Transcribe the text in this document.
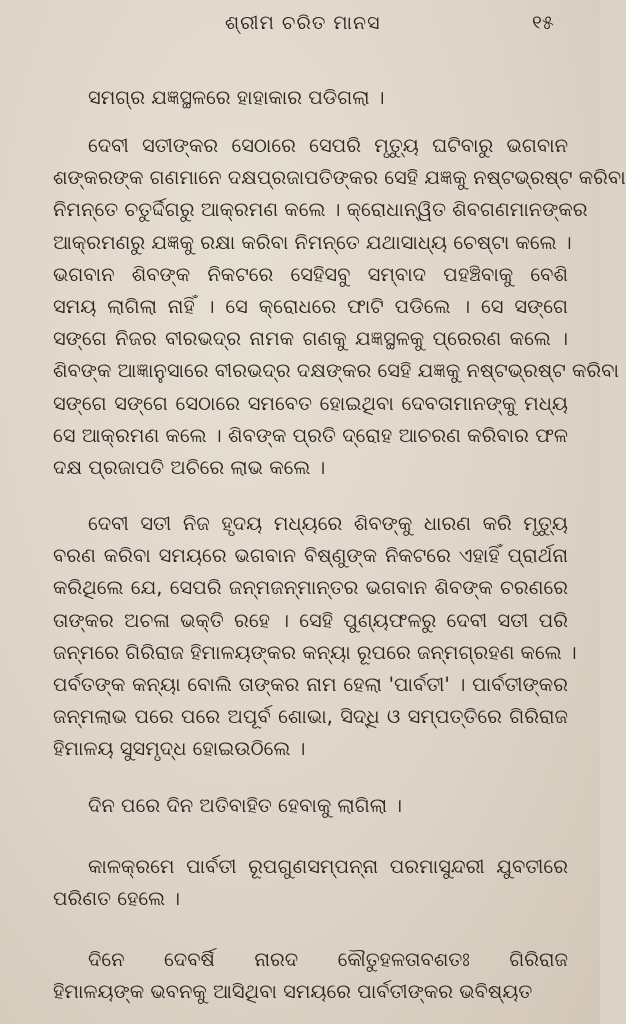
ଶ୍ରୀମ ଚରିତ ମାନସ	୧୫
ସମଗ୍ର ଯଜ୍ଞସ୍ଥଳରେ ହାହାକାର ପଡିଗଲା ।
ଦେବୀ ସତୀଙ୍କର ସେଠାରେ ସେପରି ମୃତ୍ୟୁ ଘଟିବାରୁ ଭଗବାନ
ଶଙ୍କରଙ୍କ ଗଣମାନେ ଦକ୍ଷପ୍ରଜାପତିଙ୍କର ସେହି ଯଜ୍ଞକୁ ନଷ୍ଟଭ୍ରଷ୍ଟ କରିବା
ନିମନ୍ତେ ଚତୁର୍ଦ୍ଦିଗରୁ ଆକ୍ରମଣ କଲେ । କ୍ରୋଧାନ୍ୱିତ ଶିବଗଣମାନଙ୍କର
ଆକ୍ରମଣରୁ ଯଜ୍ଞକୁ ରକ୍ଷା କରିବା ନିମନ୍ତେ ଯଥାସାଧ୍ୟ ଚେଷ୍ଟା କଲେ ।
ଭଗବାନ ଶିବଙ୍କ ନିକଟରେ ସେହିସବୁ ସମ୍ବାଦ ପହଞ୍ଚିବାକୁ ବେଶି
ସମୟ ଲାଗିଲା ନାହିଁ । ସେ କ୍ରୋଧରେ ଫାଟି ପଡିଲେ । ସେ ସଙ୍ଗେ
ସଙ୍ଗେ ନିଜର ବୀରଭଦ୍ର ନାମକ ଗଣକୁ ଯଜ୍ଞସ୍ଥଳକୁ ପ୍ରେରଣ କଲେ ।
ଶିବଙ୍କ ଆଜ୍ଞାନୁସାରେ ବୀରଭଦ୍ର ଦକ୍ଷଙ୍କର ସେହି ଯଜ୍ଞକୁ ନଷ୍ଟଭ୍ରଷ୍ଟ କରିବା
ସଙ୍ଗେ ସଙ୍ଗେ ସେଠାରେ ସମବେତ ହୋଇଥିବା ଦେବତାମାନଙ୍କୁ ମଧ୍ୟ
ସେ ଆକ୍ରମଣ କଲେ । ଶିବଙ୍କ ପ୍ରତି ଦ୍ରୋହ ଆଚରଣ କରିବାର ଫଳ
ଦକ୍ଷ ପ୍ରଜାପତି ଅଚିରେ ଲାଭ କଲେ ।
ଦେବୀ ସତୀ ନିଜ ହୃଦୟ ମଧ୍ୟରେ ଶିବଙ୍କୁ ଧାରଣ କରି ମୃତ୍ୟୁ
ବରଣ କରିବା ସମୟରେ ଭଗବାନ ବିଷ୍ଣୁଙ୍କ ନିକଟରେ ଏହାହିଁ ପ୍ରାର୍ଥନା
କରିଥିଲେ ଯେ, ସେପରି ଜନ୍ମଜନ୍ମାନ୍ତର ଭଗବାନ ଶିବଙ୍କ ଚରଣରେ
ତାଙ୍କର ଅଚଳା ଭକ୍ତି ରହେ । ସେହି ପୁଣ୍ୟଫଳରୁ ଦେବୀ ସତୀ ପରି
ଜନ୍ମରେ ଗିରିରାଜ ହିମାଳୟଙ୍କର କନ୍ୟା ରୂପରେ ଜନ୍ମଗ୍ରହଣ କଲେ ।
ପର୍ବତଙ୍କ କନ୍ୟା ବୋଲି ତାଙ୍କର ନାମ ହେଲା 'ପାର୍ବତୀ' । ପାର୍ବତୀଙ୍କର
ଜନ୍ମଲାଭ ପରେ ପରେ ଅପୂର୍ବ ଶୋଭା, ସିଦ୍ଧି ଓ ସମ୍ପତ୍ତିରେ ଗିରିରାଜ
ହିମାଳୟ ସୁସମୃଦ୍ଧ ହୋଇଉଠିଲେ ।
ଦିନ ପରେ ଦିନ ଅତିବାହିତ ହେବାକୁ ଲାଗିଲା ।
କାଳକ୍ରମେ ପାର୍ବତୀ ରୂପଗୁଣସମ୍ପନ୍ନା ପରମାସୁନ୍ଦରୀ ଯୁବତୀରେ
ପରିଣତ ହେଲେ ।
ଦିନେ ଦେବର୍ଷି ନାରଦ କୌତୁହଳତାବଶତଃ ଗିରିରାଜ
ହିମାଳୟଙ୍କ ଭବନକୁ ଆସିଥିବା ସମୟରେ ପାର୍ବତୀଙ୍କର ଭବିଷ୍ୟତ
